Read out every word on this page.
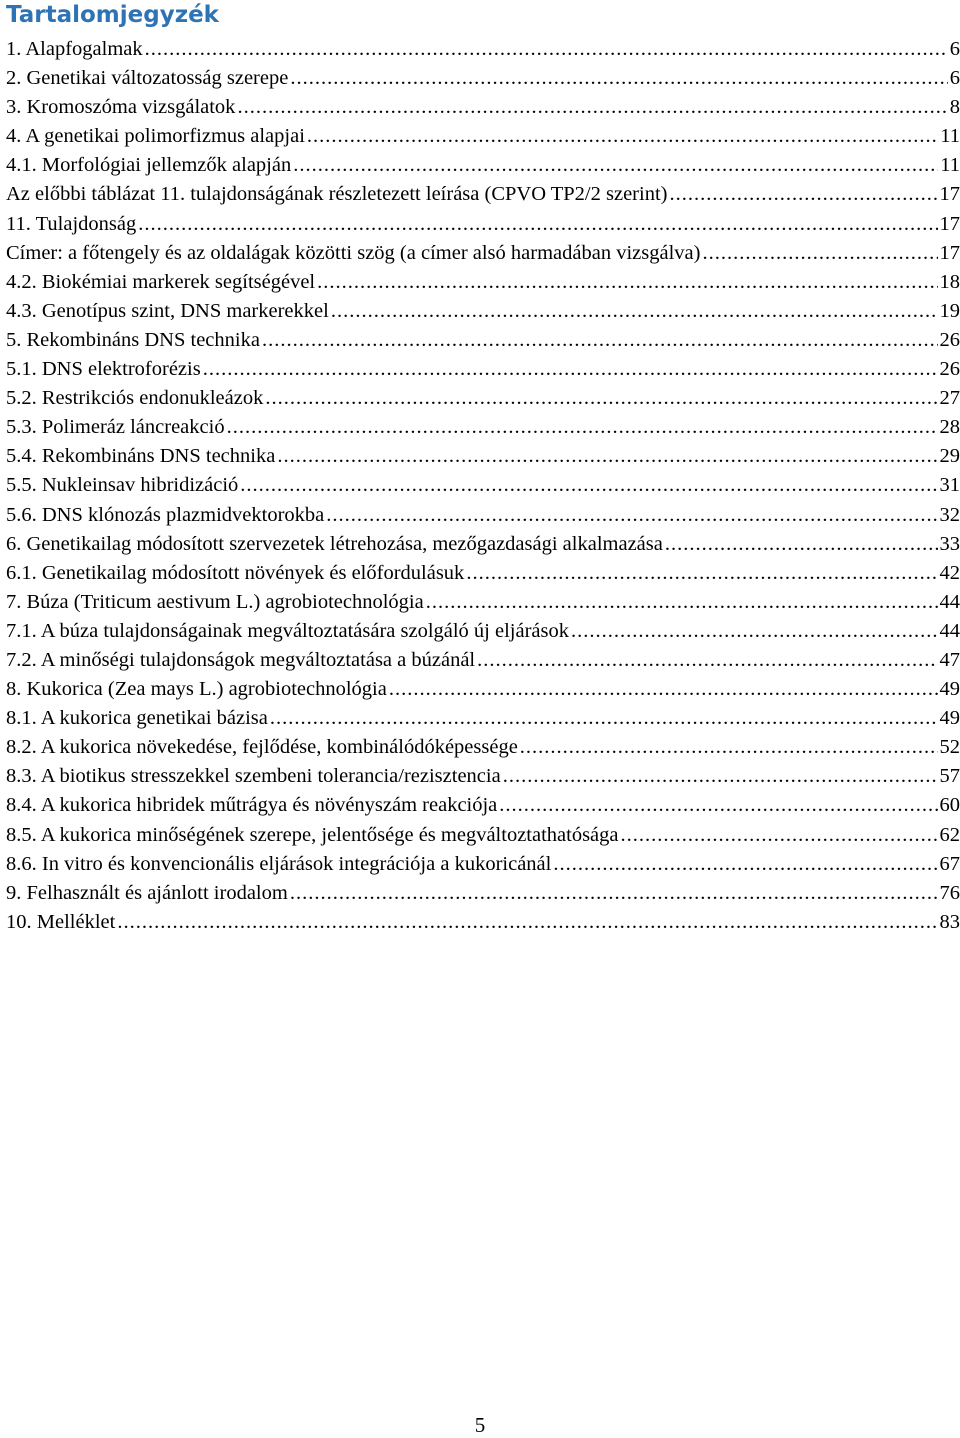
Tartalomjegyzék
1. Alapfogalmak .....	6
2. Genetikai változatosság szerepe .....	6
3. Kromoszóma vizsgálatok .....	8
4. A genetikai polimorfizmus alapjai .....	11
4.1. Morfológiai jellemzők alapján .....	11
Az előbbi táblázat 11. tulajdonságának részletezett leírása (CPVO TP2/2 szerint) .....	17
11. Tulajdonság .....	17
Címer: a főtengely és az oldalágak közötti szög (a címer alsó harmadában vizsgálva) .....	17
4.2. Biokémiai markerek segítségével .....	18
4.3. Genotípus szint, DNS markerekkel .....	19
5. Rekombináns DNS technika .....	26
5.1. DNS elektroforézis .....	26
5.2. Restrikciós endonukleázok .....	27
5.3. Polimeráz láncreakció .....	28
5.4. Rekombináns DNS technika .....	29
5.5. Nukleinsav hibridizáció .....	31
5.6. DNS klónozás plazmidvektorokba .....	32
6. Genetikailag módosított szervezetek létrehozása, mezőgazdasági alkalmazása .....	33
6.1. Genetikailag módosított növények és előfordulásuk .....	42
7. Búza (Triticum aestivum L.) agrobiotechnológia .....	44
7.1. A búza tulajdonságainak megváltoztatására szolgáló új eljárások .....	44
7.2. A minőségi tulajdonságok megváltoztatása a búzánál .....	47
8. Kukorica (Zea mays L.) agrobiotechnológia .....	49
8.1. A kukorica genetikai bázisa .....	49
8.2. A kukorica növekedése, fejlődése, kombinálódóképessége .....	52
8.3. A biotikus stresszekkel szembeni tolerancia/rezisztencia .....	57
8.4. A kukorica hibridek műtrágya és növényszám reakciója .....	60
8.5. A kukorica minőségének szerepe, jelentősége és megváltoztathatósága .....	62
8.6. In vitro és konvencionális eljárások integrációja a kukoricánál .....	67
9. Felhasznált és ajánlott irodalom .....	76
10. Melléklet .....	83
5
